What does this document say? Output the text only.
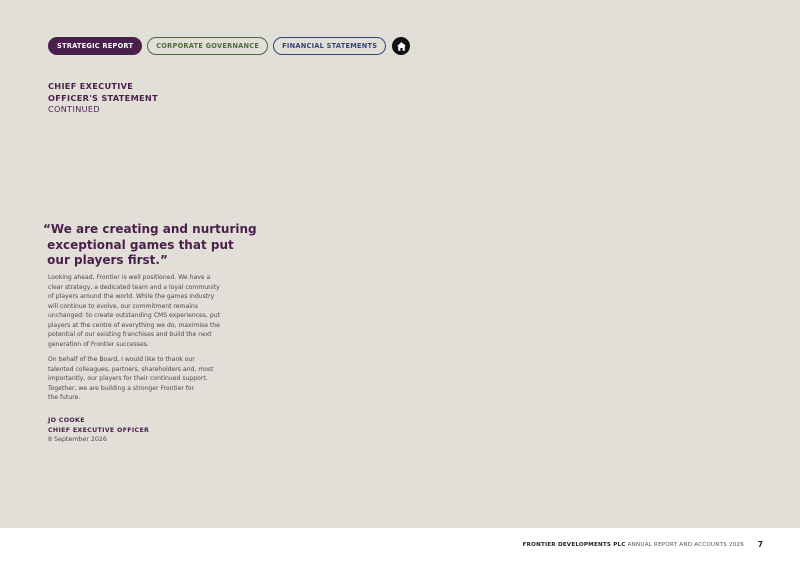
STRATEGIC REPORT	CORPORATE GOVERNANCE	FINANCIAL STATEMENTS
CHIEF EXECUTIVE
OFFICER'S STATEMENT
CONTINUED
“We are creating and nurturing
exceptional games that put
our players first.”

Looking ahead, Frontier is well positioned. We have a
clear strategy, a dedicated team and a loyal community
of players around the world. While the games industry
will continue to evolve, our commitment remains
unchanged: to create outstanding CMS experiences, put
players at the centre of everything we do, maximise the
potential of our existing franchises and build the next
generation of Frontier successes.

On behalf of the Board, I would like to thank our
talented colleagues, partners, shareholders and, most
importantly, our players for their continued support.
Together, we are building a stronger Frontier for
the future.

JO COOKE
CHIEF EXECUTIVE OFFICER
8 September 2026
FRONTIER DEVELOPMENTS PLC ANNUAL REPORT AND ACCOUNTS 2026 7
